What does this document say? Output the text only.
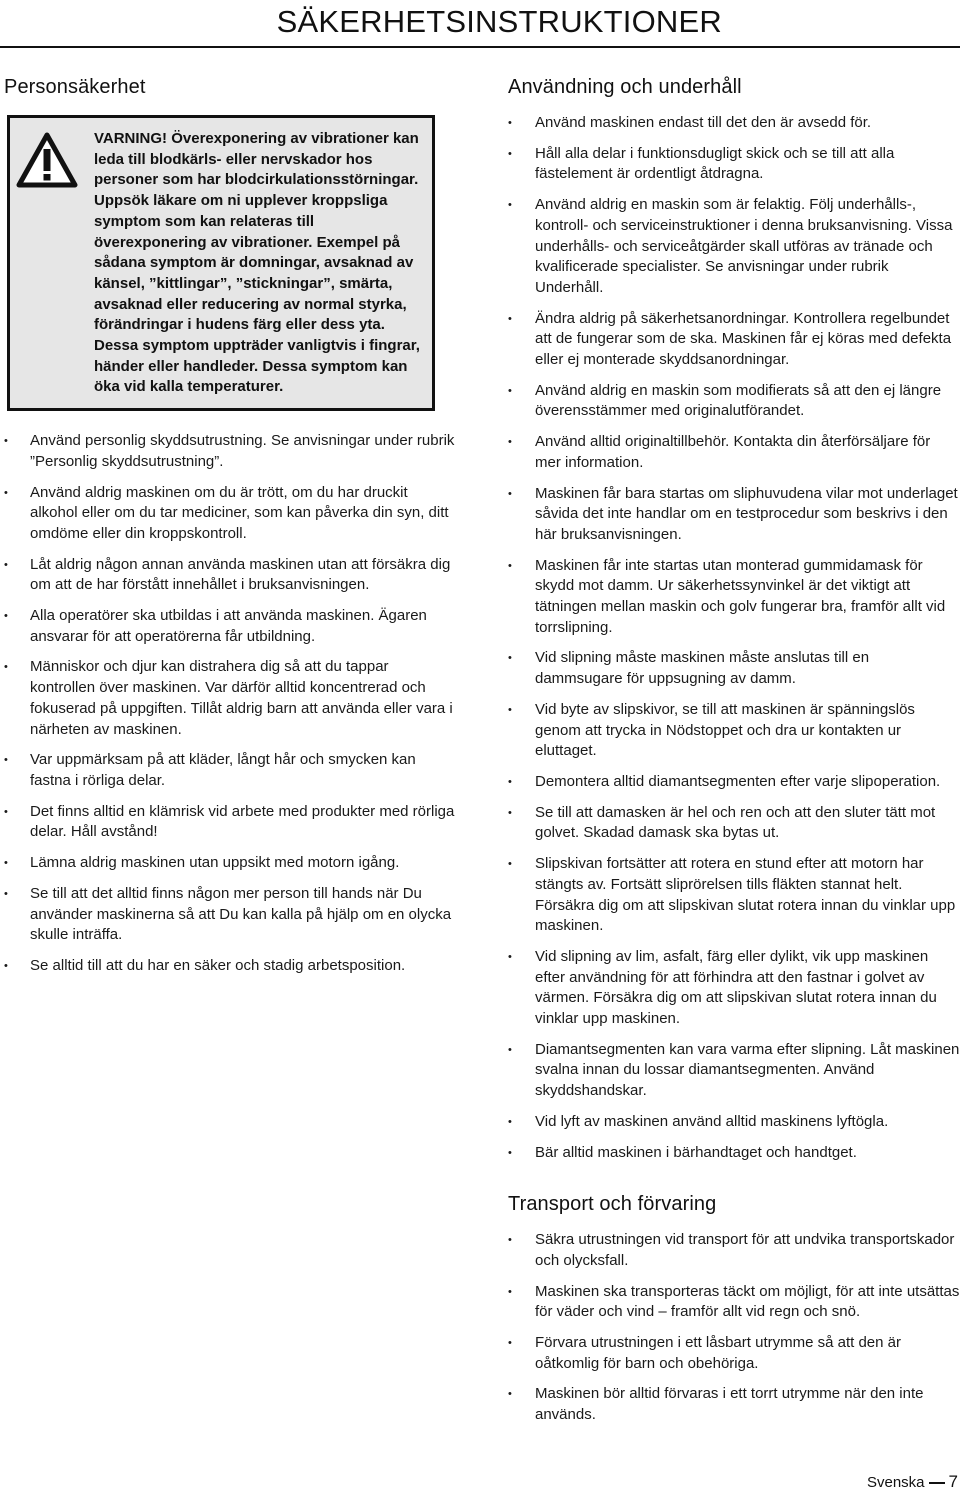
SÄKERHETSINSTRUKTIONER
Personsäkerhet
VARNING! Överexponering av vibrationer kan leda till blodkärls- eller nervskador hos personer som har blodcirkulationsstörningar. Uppsök läkare om ni upplever kroppsliga symptom som kan relateras till överexponering av vibrationer. Exempel på sådana symptom är domningar, avsaknad av känsel, ”kittlingar”, ”stickningar”, smärta, avsaknad eller reducering av normal styrka, förändringar i hudens färg eller dess yta. Dessa symptom uppträder vanligtvis i fingrar, händer eller handleder. Dessa symptom kan öka vid kalla temperaturer.
• Använd personlig skyddsutrustning. Se anvisningar under rubrik ”Personlig skyddsutrustning”.
• Använd aldrig maskinen om du är trött, om du har druckit alkohol eller om du tar mediciner, som kan påverka din syn, ditt omdöme eller din kroppskontroll.
• Låt aldrig någon annan använda maskinen utan att försäkra dig om att de har förstått innehållet i bruksanvisningen.
• Alla operatörer ska utbildas i att använda maskinen. Ägaren ansvarar för att operatörerna får utbildning.
• Människor och djur kan distrahera dig så att du tappar kontrollen över maskinen. Var därför alltid koncentrerad och fokuserad på uppgiften. Tillåt aldrig barn att använda eller vara i närheten av maskinen.
• Var uppmärksam på att kläder, långt hår och smycken kan fastna i rörliga delar.
• Det finns alltid en klämrisk vid arbete med produkter med rörliga delar. Håll avstånd!
• Lämna aldrig maskinen utan uppsikt med motorn igång.
• Se till att det alltid finns någon mer person till hands när Du använder maskinerna så att Du kan kalla på hjälp om en olycka skulle inträffa.
• Se alltid till att du har en säker och stadig arbetsposition.
Användning och underhåll
• Använd maskinen endast till det den är avsedd för.
• Håll alla delar i funktionsdugligt skick och se till att alla fästelement är ordentligt åtdragna.
• Använd aldrig en maskin som är felaktig. Följ underhålls-, kontroll- och serviceinstruktioner i denna bruksanvisning. Vissa underhålls- och serviceåtgärder skall utföras av tränade och kvalificerade specialister. Se anvisningar under rubrik Underhåll.
• Ändra aldrig på säkerhetsanordningar. Kontrollera regelbundet att de fungerar som de ska. Maskinen får ej köras med defekta eller ej monterade skyddsanordningar.
• Använd aldrig en maskin som modifierats så att den ej längre överensstämmer med originalutförandet.
• Använd alltid originaltillbehör. Kontakta din återförsäljare för mer information.
• Maskinen får bara startas om sliphuvudena vilar mot underlaget såvida det inte handlar om en testprocedur som beskrivs i den här bruksanvisningen.
• Maskinen får inte startas utan monterad gummidamask för skydd mot damm. Ur säkerhetssynvinkel är det viktigt att tätningen mellan maskin och golv fungerar bra, framför allt vid torrslipning.
• Vid slipning måste maskinen måste anslutas till en dammsugare för uppsugning av damm.
• Vid byte av slipskivor, se till att maskinen är spänningslös genom att trycka in Nödstoppet och dra ur kontakten ur eluttaget.
• Demontera alltid diamantsegmenten efter varje slipoperation.
• Se till att damasken är hel och ren och att den sluter tätt mot golvet. Skadad damask ska bytas ut.
• Slipskivan fortsätter att rotera en stund efter att motorn har stängts av. Fortsätt sliprörelsen tills fläkten stannat helt. Försäkra dig om att slipskivan slutat rotera innan du vinklar upp maskinen.
• Vid slipning av lim, asfalt, färg eller dylikt, vik upp maskinen efter användning för att förhindra att den fastnar i golvet av värmen. Försäkra dig om att slipskivan slutat rotera innan du vinklar upp maskinen.
• Diamantsegmenten kan vara varma efter slipning. Låt maskinen svalna innan du lossar diamantsegmenten. Använd skyddshandskar.
• Vid lyft av maskinen använd alltid maskinens lyftögla.
• Bär alltid maskinen i bärhandtaget och handtget.
Transport och förvaring
• Säkra utrustningen vid transport för att undvika transportskador och olycksfall.
• Maskinen ska transporteras täckt om möjligt, för att inte utsättas för väder och vind – framför allt vid regn och snö.
• Förvara utrustningen i ett låsbart utrymme så att den är oåtkomlig för barn och obehöriga.
• Maskinen bör alltid förvaras i ett torrt utrymme när den inte används.
Svenska 7
